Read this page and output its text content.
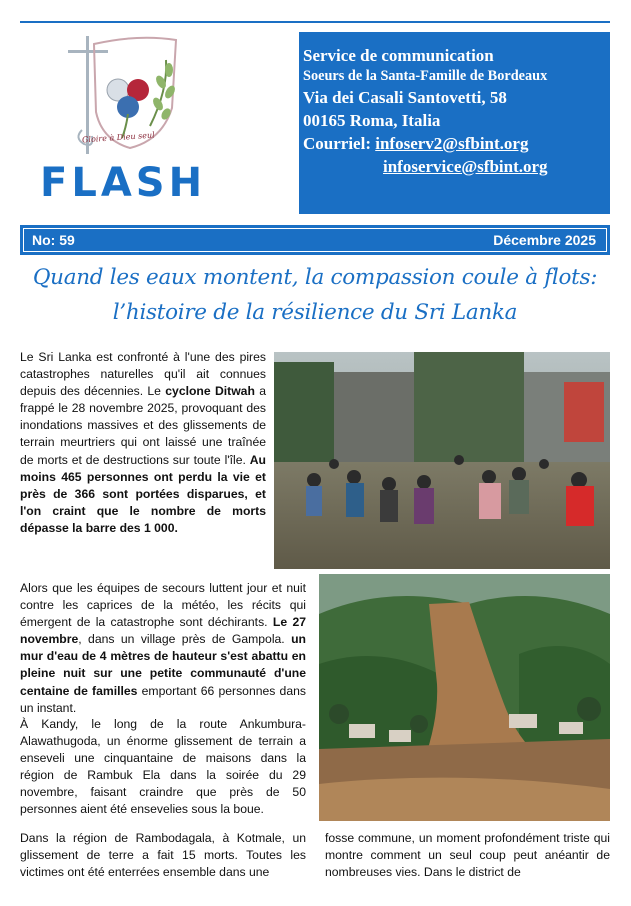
Gloire à Dieu seul
FLASH
Service de communication
Soeurs de la Santa-Famille de Bordeaux
Via dei Casali Santovetti, 58
00165 Roma, Italia
Courriel: infoserv2@sfbint.org
infoservice@sfbint.org
No: 59	Décembre 2025
Quand les eaux montent, la compassion coule à flots:
l’histoire de la résilience du Sri Lanka
Le Sri Lanka est confronté à l'une des pires catastrophes naturelles qu'il ait connues depuis des décennies. Le cyclone Ditwah a frappé le 28 novembre 2025, provoquant des inondations massives et des glissements de terrain meurtriers qui ont laissé une traînée de morts et de destructions sur toute l'île. Au moins 465 personnes ont perdu la vie et près de 366 sont portées disparues, et l'on craint que le nombre de morts dépasse la barre des 1 000.
Alors que les équipes de secours luttent jour et nuit contre les caprices de la météo, les récits qui émergent de la catastrophe sont déchirants. Le 27 novembre, dans un village près de Gampola. un mur d'eau de 4 mètres de hauteur s'est abattu en pleine nuit sur une petite communauté d'une centaine de familles emportant 66 personnes dans un instant.
À Kandy, le long de la route Ankumbura-Alawathugoda, un énorme glissement de terrain a enseveli une cinquantaine de maisons dans la région de Rambuk Ela dans la soirée du 29 novembre, faisant craindre que près de 50 personnes aient été ensevelies sous la boue.
Dans la région de Rambodagala, à Kotmale, un glissement de terre a fait 15 morts. Toutes les victimes ont été enterrées ensemble dans une
fosse commune, un moment profondément triste qui montre comment un seul coup peut anéantir de nombreuses vies. Dans le district de
